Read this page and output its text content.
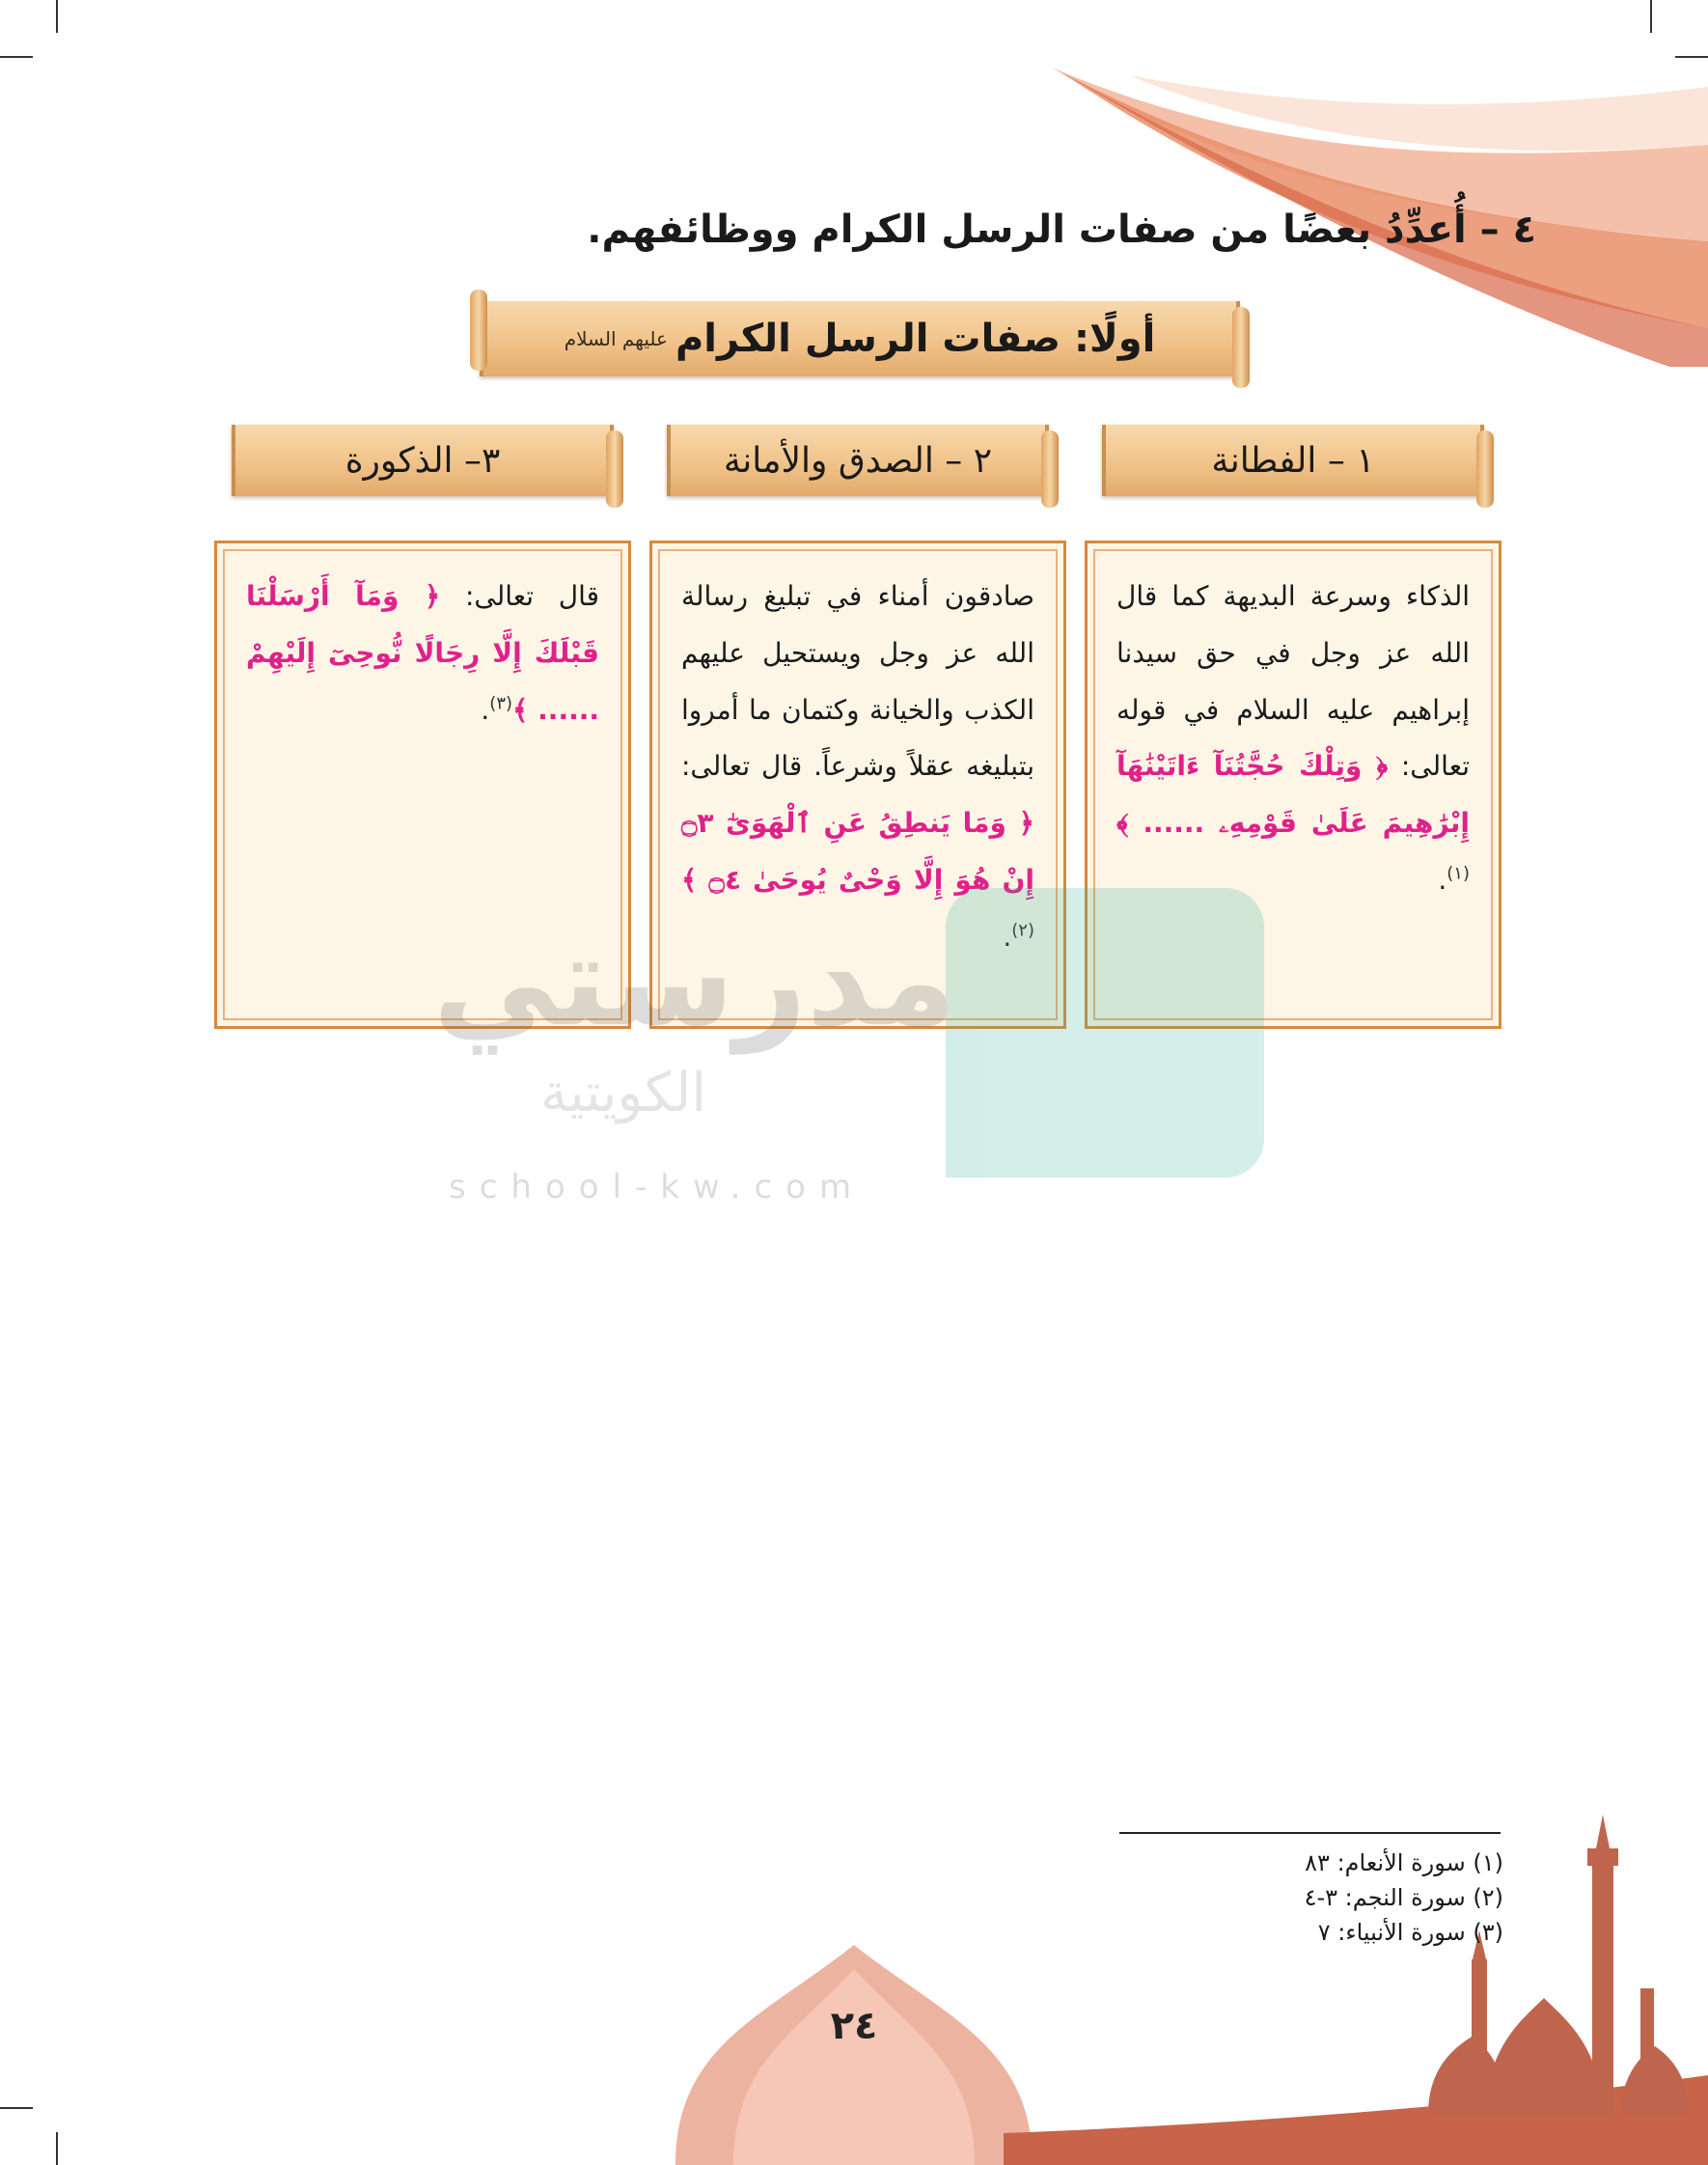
٤ – أُعدِّدُ بعضًا من صفات الرسل الكرام ووظائفهم.
أولًا: صفات الرسل الكرام
عليهم السلام
١ – الفطانة
٢ – الصدق والأمانة
٣– الذكورة
الذكاء وسرعة البديهة كما قال الله عز وجل في حق سيدنا إبراهيم عليه السلام في قوله تعالى: ﴿ وَتِلْكَ حُجَّتُنَآ ءَاتَيْنَٰهَآ إِبْرَٰهِيمَ عَلَىٰ قَوْمِهِۦ ...... ﴾$^{(١)}$.
صادقون أمناء في تبليغ رسالة الله عز وجل ويستحيل عليهم الكذب والخيانة وكتمان ما أمروا بتبليغه عقلاً وشرعاً. قال تعالى: ﴿ وَمَا يَنطِقُ عَنِ ٱلْهَوَىٰٓ ۝٣ إِنْ هُوَ إِلَّا وَحْىٌ يُوحَىٰ ۝٤ ﴾$^{(٢)}$.
قال تعالى: ﴿ وَمَآ أَرْسَلْنَا قَبْلَكَ إِلَّا رِجَالًا نُّوحِىٓ إِلَيْهِمْ ...... ﴾$^{(٣)}$.
مدرستي
الكويتية
school-kw.com
(١) سورة الأنعام: ٨٣
(٢) سورة النجم: ٣-٤
(٣) سورة الأنبياء: ٧
٢٤
